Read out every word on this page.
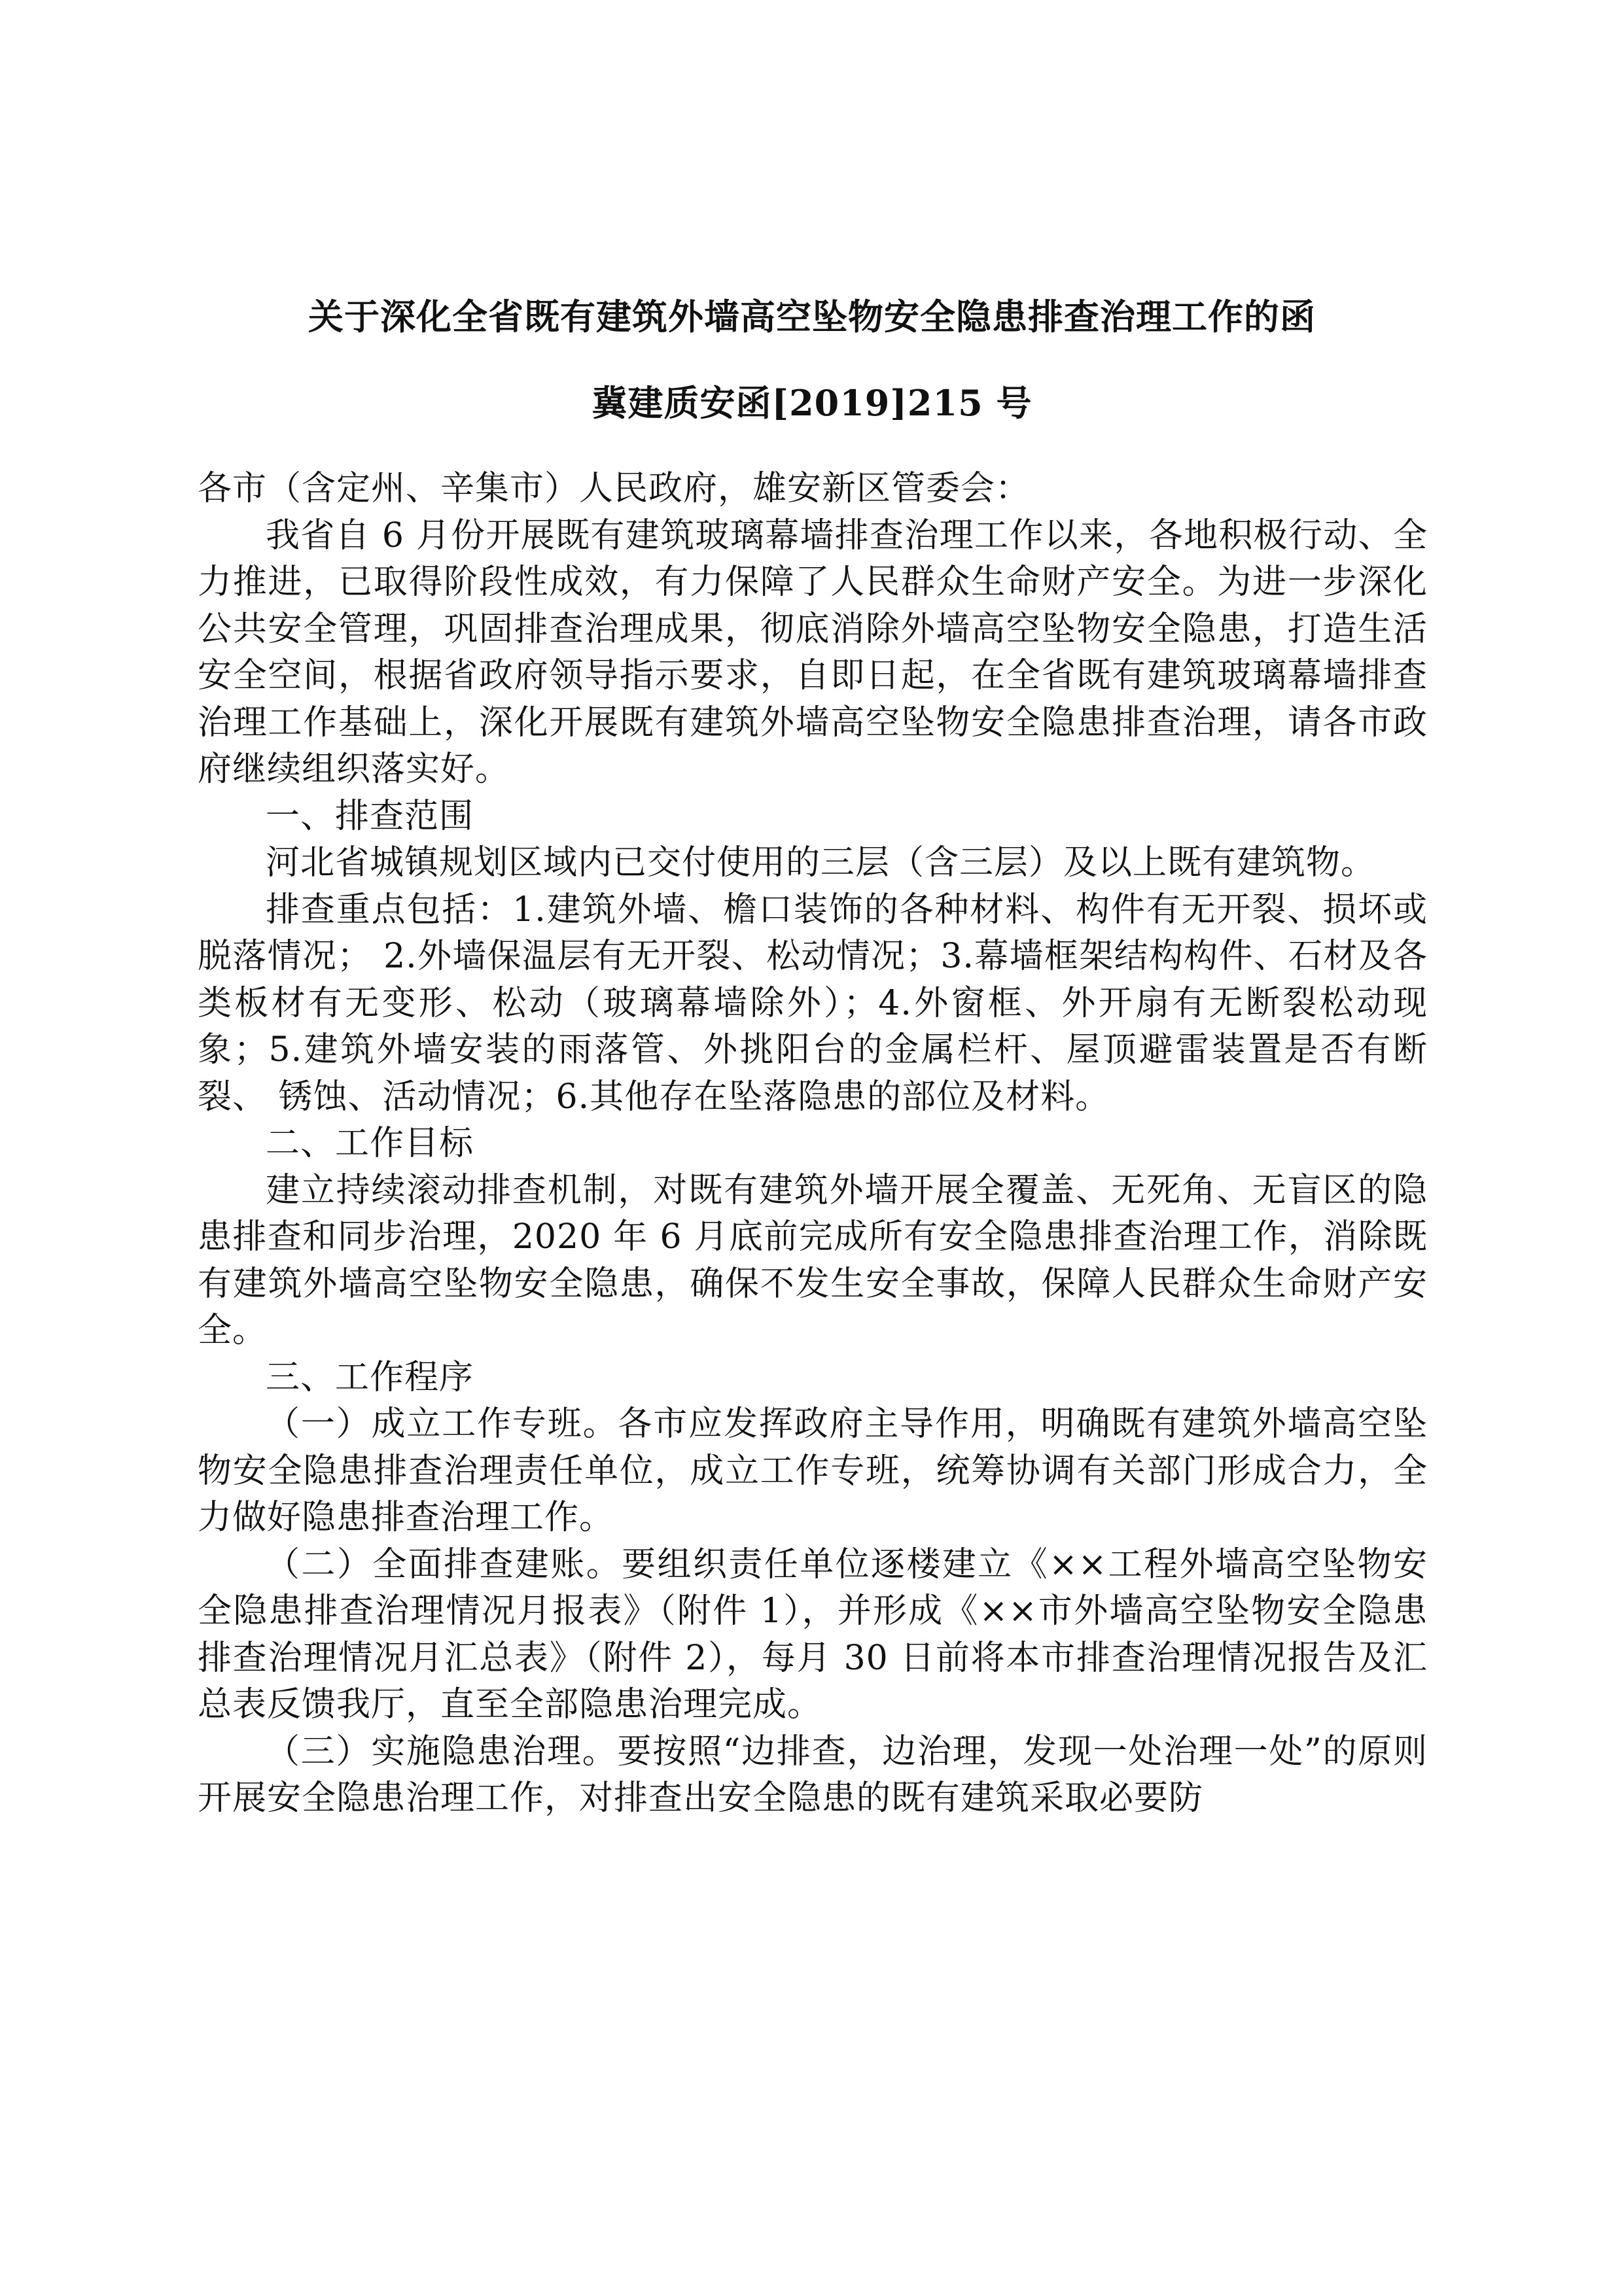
关于深化全省既有建筑外墙高空坠物安全隐患排查治理工作的函
冀建质安函[2019]215 号

各市（含定州、辛集市）人民政府，雄安新区管委会：

我省自 6 月份开展既有建筑玻璃幕墙排查治理工作以来，各地积极行动、全力推进，已取得阶段性成效，有力保障了人民群众生命财产安全。为进一步深化公共安全管理，巩固排查治理成果，彻底消除外墙高空坠物安全隐患，打造生活安全空间，根据省政府领导指示要求，自即日起，在全省既有建筑玻璃幕墙排查治理工作基础上，深化开展既有建筑外墙高空坠物安全隐患排查治理，请各市政府继续组织落实好。

一、排查范围

河北省城镇规划区域内已交付使用的三层（含三层）及以上既有建筑物。

排查重点包括：1.建筑外墙、檐口装饰的各种材料、构件有无开裂、损坏或脱落情况； 2.外墙保温层有无开裂、松动情况；3.幕墙框架结构构件、石材及各类板材有无变形、松动（玻璃幕墙除外）；4.外窗框、外开扇有无断裂松动现象；5.建筑外墙安装的雨落管、外挑阳台的金属栏杆、屋顶避雷装置是否有断裂、 锈蚀、活动情况；6.其他存在坠落隐患的部位及材料。

二、工作目标

建立持续滚动排查机制，对既有建筑外墙开展全覆盖、无死角、无盲区的隐患排查和同步治理，2020 年 6 月底前完成所有安全隐患排查治理工作，消除既有建筑外墙高空坠物安全隐患，确保不发生安全事故，保障人民群众生命财产安全。

三、工作程序

（一）成立工作专班。各市应发挥政府主导作用，明确既有建筑外墙高空坠物安全隐患排查治理责任单位，成立工作专班，统筹协调有关部门形成合力，全力做好隐患排查治理工作。

（二）全面排查建账。要组织责任单位逐楼建立《××工程外墙高空坠物安全隐患排查治理情况月报表》（附件 1），并形成《××市外墙高空坠物安全隐患排查治理情况月汇总表》（附件 2），每月 30 日前将本市排查治理情况报告及汇总表反馈我厅，直至全部隐患治理完成。

（三）实施隐患治理。要按照“边排查，边治理，发现一处治理一处”的原则开展安全隐患治理工作，对排查出安全隐患的既有建筑采取必要防
